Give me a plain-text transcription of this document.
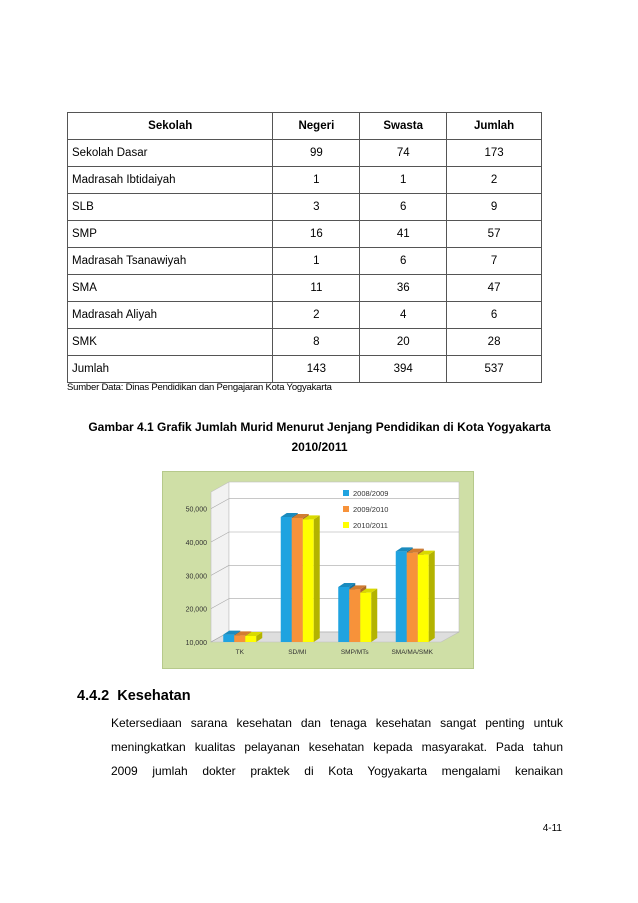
Sekolah	Negeri	Swasta	Jumlah
Sekolah Dasar	99	74	173
Madrasah Ibtidaiyah	1	1	2
SLB	3	6	9
SMP	16	41	57
Madrasah Tsanawiyah	1	6	7
SMA	11	36	47
Madrasah Aliyah	2	4	6
SMK	8	20	28
Jumlah	143	394	537
Sumber Data: Dinas Pendidikan dan Pengajaran Kota Yogyakarta
Gambar 4.1 Grafik Jumlah Murid Menurut Jenjang Pendidikan di Kota Yogyakarta
2010/2011
10,000
20,000
30,000
40,000
50,000
TK	SD/MI	SMP/MTs	SMA/MA/SMK
2008/2009
2009/2010
2010/2011
4.4.2 Kesehatan
Ketersediaan sarana kesehatan dan tenaga kesehatan sangat penting untuk
meningkatkan kualitas pelayanan kesehatan kepada masyarakat. Pada tahun
2009 jumlah dokter praktek di Kota Yogyakarta mengalami kenaikan
4-11
